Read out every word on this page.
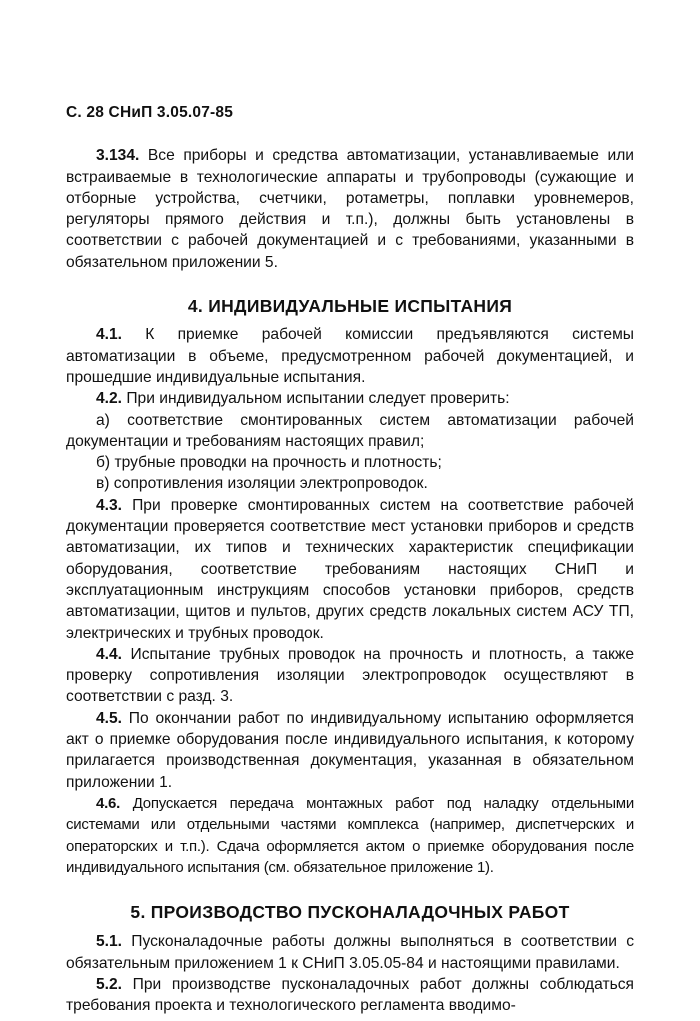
С. 28 СНиП 3.05.07-85

3.134. Все приборы и средства автоматизации, устанавливаемые или встраиваемые в технологические аппараты и трубопроводы (сужающие и отборные устройства, счетчики, ротаметры, поплавки уровнемеров, регуляторы прямого действия и т.п.), должны быть установлены в соответствии с рабочей документацией и с требованиями, указанными в обязательном приложении 5.

4. ИНДИВИДУАЛЬНЫЕ ИСПЫТАНИЯ

4.1. К приемке рабочей комиссии предъявляются системы автоматизации в объеме, предусмотренном рабочей документацией, и прошедшие индивидуальные испытания.

4.2. При индивидуальном испытании следует проверить:

а) соответствие смонтированных систем автоматизации рабочей документации и требованиям настоящих правил;

б) трубные проводки на прочность и плотность;

в) сопротивления изоляции электропроводок.

4.3. При проверке смонтированных систем на соответствие рабочей документации проверяется соответствие мест установки приборов и средств автоматизации, их типов и технических характеристик спецификации оборудования, соответствие требованиям настоящих СНиП и эксплуатационным инструкциям способов установки приборов, средств автоматизации, щитов и пультов, других средств локальных систем АСУ ТП, электрических и трубных проводок.

4.4. Испытание трубных проводок на прочность и плотность, а также проверку сопротивления изоляции электропроводок осуществляют в соответствии с разд. 3.

4.5. По окончании работ по индивидуальному испытанию оформляется акт о приемке оборудования после индивидуального испытания, к которому прилагается производственная документация, указанная в обязательном приложении 1.

4.6. Допускается передача монтажных работ под наладку отдельными системами или отдельными частями комплекса (например, диспетчерских и операторских и т.п.). Сдача оформляется актом о приемке оборудования после индивидуального испытания (см. обязательное приложение 1).

5. ПРОИЗВОДСТВО ПУСКОНАЛАДОЧНЫХ РАБОТ

5.1. Пусконаладочные работы должны выполняться в соответствии с обязательным приложением 1 к СНиП 3.05.05-84 и настоящими правилами.

5.2. При производстве пусконаладочных работ должны соблюдаться требования проекта и технологического регламента вводимо-
